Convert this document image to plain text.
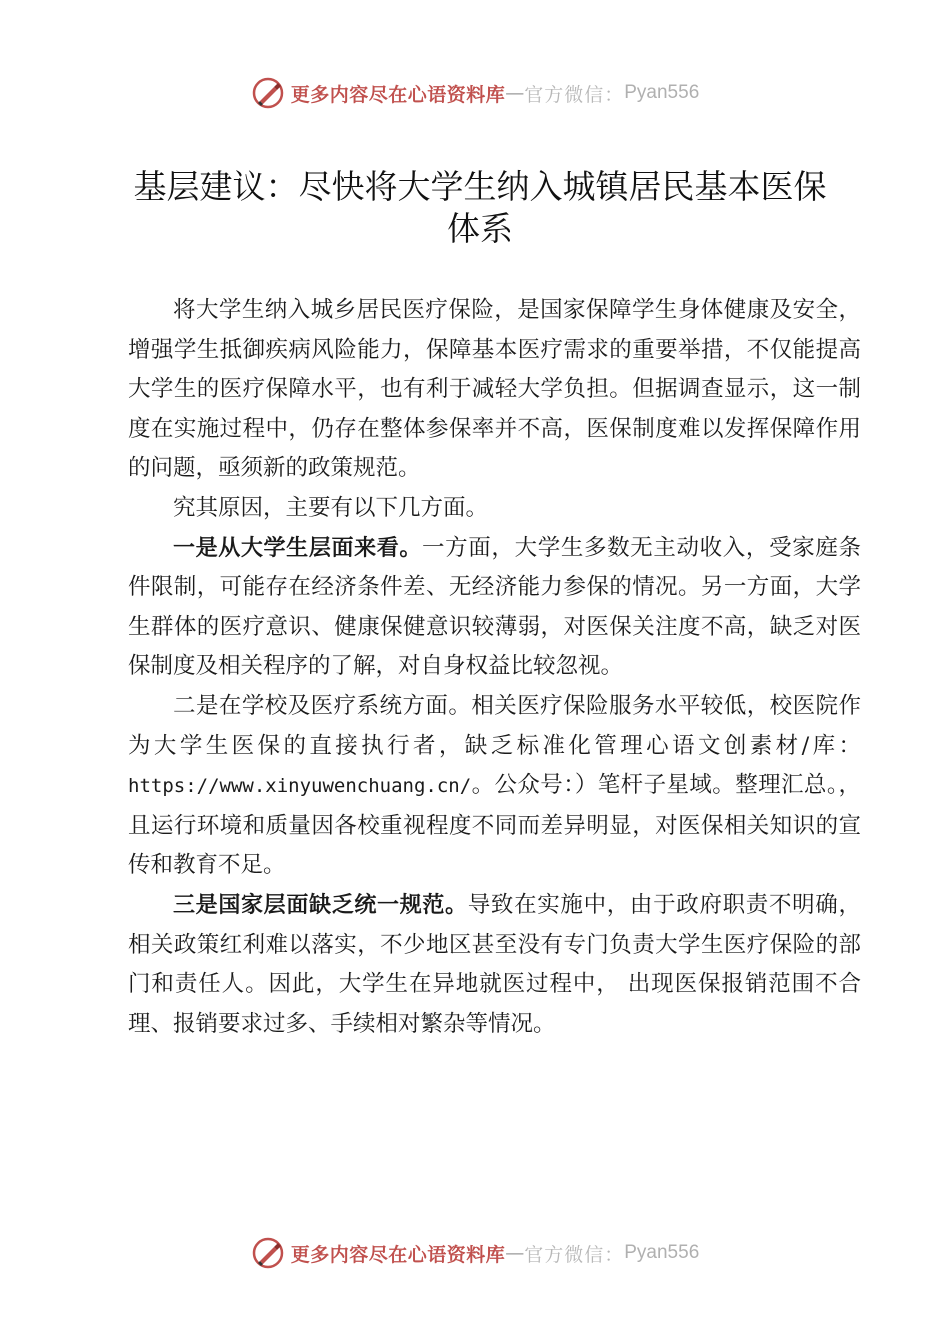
更多内容尽在心语资料库 — 官方微信： Pyan556
基层建议：尽快将大学生纳入城镇居民基本医保体系

将大学生纳入城乡居民医疗保险，是国家保障学生身体健康及安全，增强学生抵御疾病风险能力，保障基本医疗需求的重要举措，不仅能提高大学生的医疗保障水平，也有利于减轻大学负担。但据调查显示，这一制度在实施过程中，仍存在整体参保率并不高，医保制度难以发挥保障作用的问题，亟须新的政策规范。

究其原因，主要有以下几方面。

一是从大学生层面来看。一方面，大学生多数无主动收入，受家庭条件限制，可能存在经济条件差、无经济能力参保的情况。另一方面，大学生群体的医疗意识、健康保健意识较薄弱，对医保关注度不高，缺乏对医保制度及相关程序的了解，对自身权益比较忽视。

二是在学校及医疗系统方面。相关医疗保险服务水平较低，校医院作为大学生医保的直接执行者，缺乏标准化管理心语文创素材/库：https://www.xinyuwenchuang.cn/。公众号：）笔杆子星域。整理汇总。，且运行环境和质量因各校重视程度不同而差异明显，对医保相关知识的宣传和教育不足。

三是国家层面缺乏统一规范。导致在实施中，由于政府职责不明确，相关政策红利难以落实，不少地区甚至没有专门负责大学生医疗保险的部门和责任人。因此，大学生在异地就医过程中， 出现医保报销范围不合理、报销要求过多、手续相对繁杂等情况。

更多内容尽在心语资料库 — 官方微信： Pyan556
